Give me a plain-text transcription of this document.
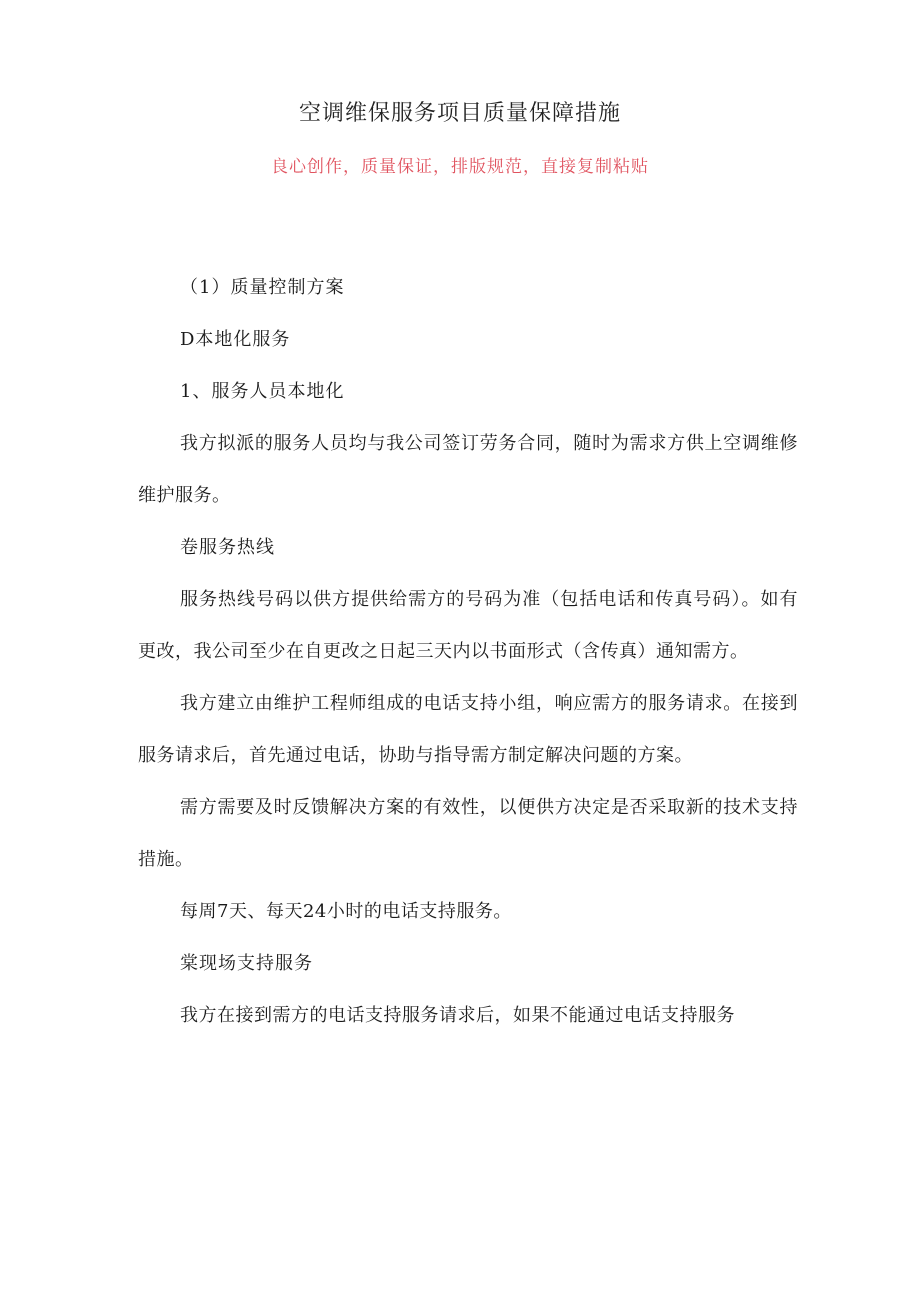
空调维保服务项目质量保障措施
良心创作，质量保证，排版规范，直接复制粘贴

（1）质量控制方案

D本地化服务

1、服务人员本地化

我方拟派的服务人员均与我公司签订劳务合同，随时为需求方供上空调维修维护服务。

卷服务热线

服务热线号码以供方提供给需方的号码为准（包括电话和传真号码）。如有更改，我公司至少在自更改之日起三天内以书面形式（含传真）通知需方。

我方建立由维护工程师组成的电话支持小组，响应需方的服务请求。在接到服务请求后，首先通过电话，协助与指导需方制定解决问题的方案。

需方需要及时反馈解决方案的有效性，以便供方决定是否采取新的技术支持措施。

每周7天、每天24小时的电话支持服务。

棠现场支持服务

我方在接到需方的电话支持服务请求后，如果不能通过电话支持服务
